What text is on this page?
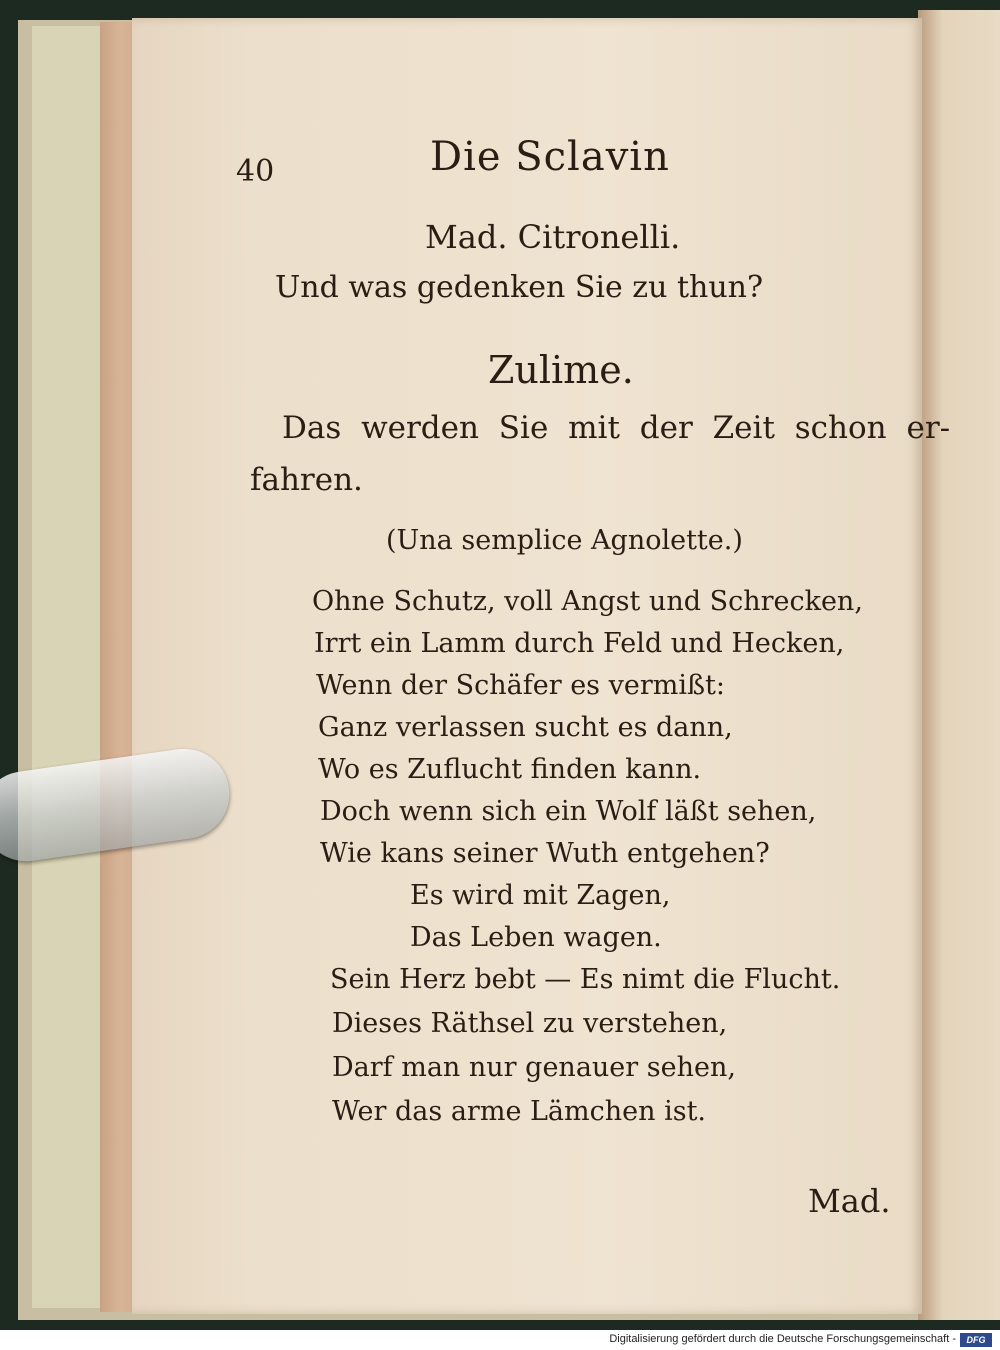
40	Die Sclavin
Mad. Citronelli.
Und was gedenken Sie zu thun?
Zulime.
Das werden Sie mit der Zeit schon er-
fahren.
(Una semplice Agnolette.)
Ohne Schutz, voll Angst und Schrecken,
Irrt ein Lamm durch Feld und Hecken,
Wenn der Schäfer es vermißt:
Ganz verlassen sucht es dann,
Wo es Zuflucht finden kann.
Doch wenn sich ein Wolf läßt sehen,
Wie kans seiner Wuth entgehen?
Es wird mit Zagen,
Das Leben wagen.
Sein Herz bebt — Es nimt die Flucht.
Dieses Räthsel zu verstehen,
Darf man nur genauer sehen,
Wer das arme Lämchen ist.
Mad.
Digitalisierung gefördert durch die Deutsche Forschungsgemeinschaft -	DFG
